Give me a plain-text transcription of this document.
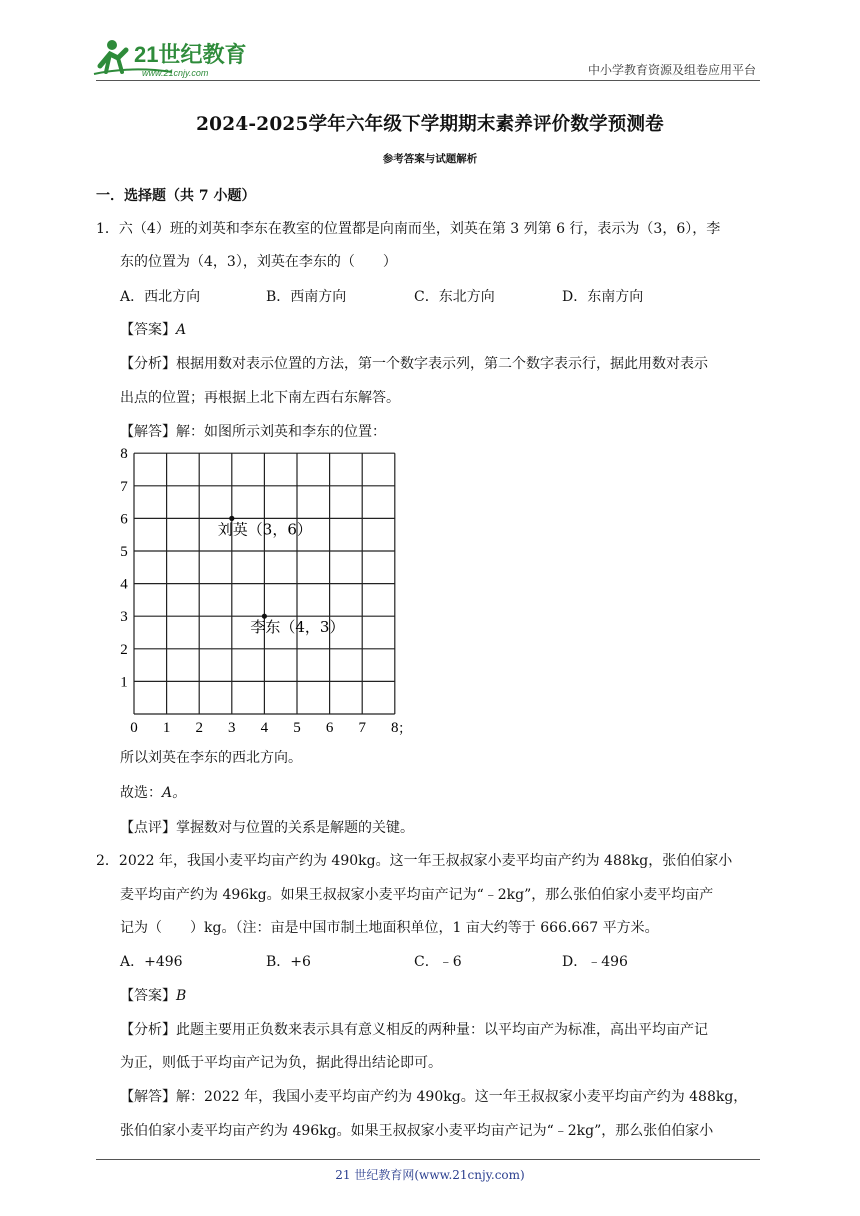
21世纪教育
www.21cnjy.com	中小学教育资源及组卷应用平台
2024-2025学年六年级下学期期末素养评价数学预测卷
参考答案与试题解析
一．选择题（共 7 小题）
1．六（4）班的刘英和李东在教室的位置都是向南而坐，刘英在第 3 列第 6 行，表示为（3，6），李
东的位置为（4，3），刘英在李东的（　　）
A．西北方向	B．西南方向	C．东北方向	D．东南方向
【答案】A
【分析】根据用数对表示位置的方法，第一个数字表示列，第二个数字表示行，据此用数对表示
出点的位置；再根据上北下南左西右东解答。
【解答】解：如图所示刘英和李东的位置：
0 1 2 3 4 5 6 7 8
1
2
3
4
5
6
7
8
刘英（3，6）
李东（4，3）
；
所以刘英在李东的西北方向。
故选：A。
【点评】掌握数对与位置的关系是解题的关键。
2．2022 年，我国小麦平均亩产约为 490kg。这一年王叔叔家小麦平均亩产约为 488kg，张伯伯家小
麦平均亩产约为 496kg。如果王叔叔家小麦平均亩产记为“﹣2kg”，那么张伯伯家小麦平均亩产
记为（　　）kg。（注：亩是中国市制土地面积单位，1 亩大约等于 666.667 平方米。
A．+496	B．+6	C．﹣6	D．﹣496
【答案】B
【分析】此题主要用正负数来表示具有意义相反的两种量：以平均亩产为标准，高出平均亩产记
为正，则低于平均亩产记为负，据此得出结论即可。
【解答】解：2022 年，我国小麦平均亩产约为 490kg。这一年王叔叔家小麦平均亩产约为 488kg，
张伯伯家小麦平均亩产约为 496kg。如果王叔叔家小麦平均亩产记为“﹣2kg”，那么张伯伯家小
21 世纪教育网(www.21cnjy.com)
